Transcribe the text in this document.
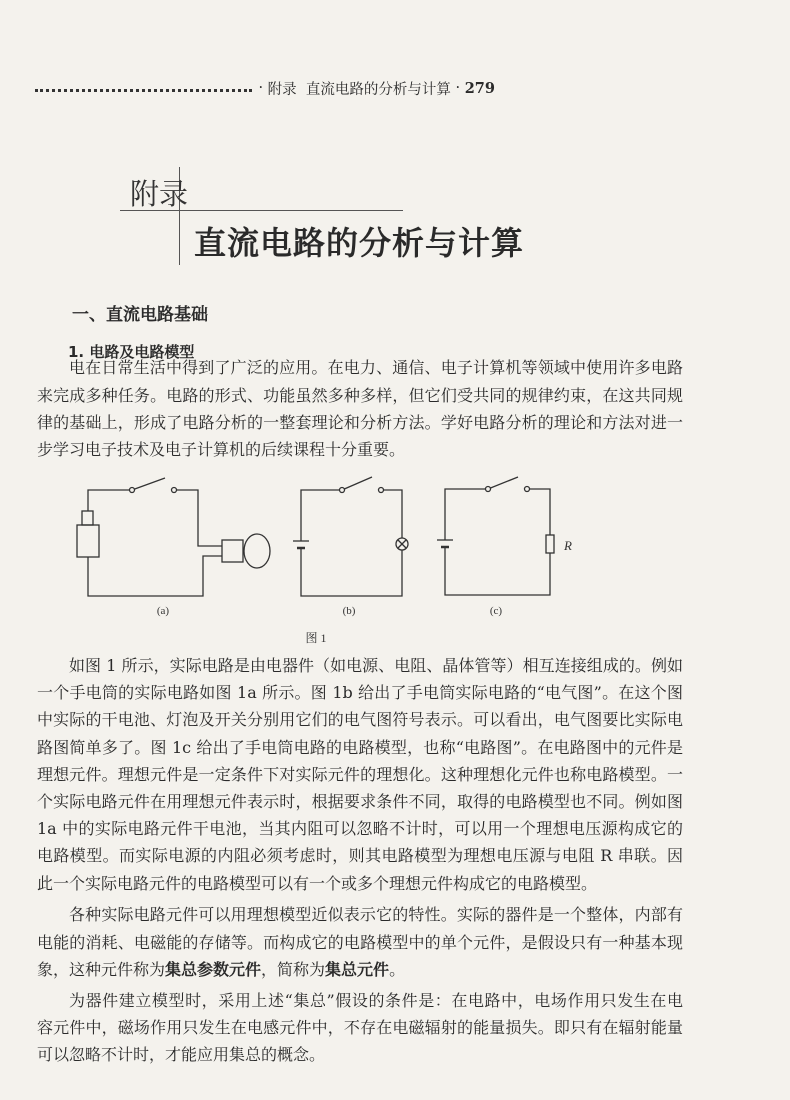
· 附录
直流电路的分析与计算 · 279
附录
直流电路的分析与计算
一、直流电路基础
1. 电路及电路模型
电在日常生活中得到了广泛的应用。在电力、通信、电子计算机等领域中使用许多电路
来完成多种任务。电路的形式、功能虽然多种多样，但它们受共同的规律约束，在这共同规
律的基础上，形成了电路分析的一整套理论和分析方法。学好电路分析的理论和方法对进一
步学习电子技术及电子计算机的后续课程十分重要。
R
(a)	(b)	(c)
图 1
如图 1 所示，实际电路是由电器件（如电源、电阻、晶体管等）相互连接组成的。例如
一个手电筒的实际电路如图 1a 所示。图 1b 给出了手电筒实际电路的“电气图”。在这个图
中实际的干电池、灯泡及开关分别用它们的电气图符号表示。可以看出，电气图要比实际电
路图简单多了。图 1c 给出了手电筒电路的电路模型，也称“电路图”。在电路图中的元件是
理想元件。理想元件是一定条件下对实际元件的理想化。这种理想化元件也称电路模型。一
个实际电路元件在用理想元件表示时，根据要求条件不同，取得的电路模型也不同。例如图
1a 中的实际电路元件干电池，当其内阻可以忽略不计时，可以用一个理想电压源构成它的
电路模型。而实际电源的内阻必须考虑时，则其电路模型为理想电压源与电阻 R 串联。因
此一个实际电路元件的电路模型可以有一个或多个理想元件构成它的电路模型。
各种实际电路元件可以用理想模型近似表示它的特性。实际的器件是一个整体，内部有
电能的消耗、电磁能的存储等。而构成它的电路模型中的单个元件，是假设只有一种基本现
象，这种元件称为集总参数元件，简称为集总元件。
为器件建立模型时，采用上述“集总”假设的条件是：在电路中，电场作用只发生在电
容元件中，磁场作用只发生在电感元件中，不存在电磁辐射的能量损失。即只有在辐射能量
可以忽略不计时，才能应用集总的概念。
